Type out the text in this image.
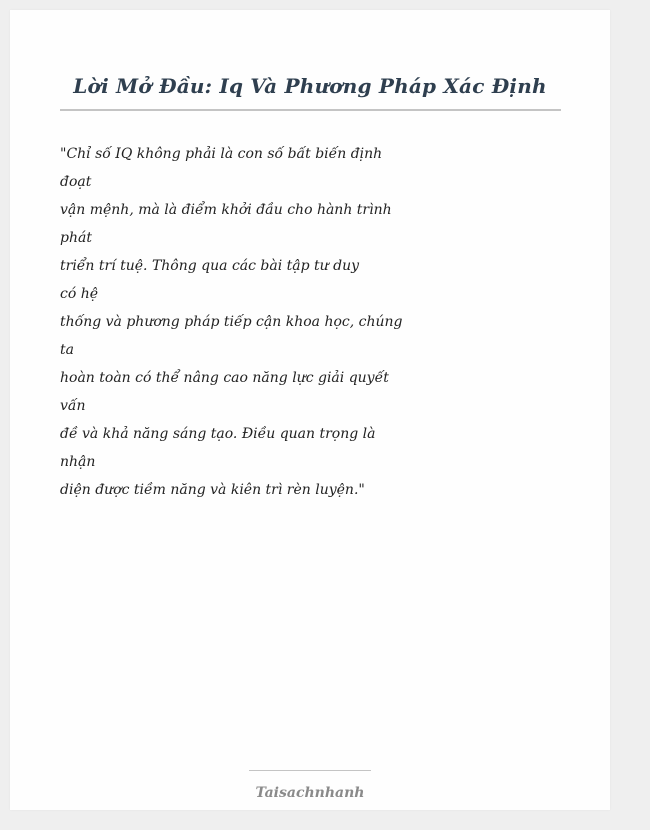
Lời Mở Đầu: Iq Và Phương Pháp Xác Định
"Chỉ số IQ không phải là con số bất biến định
đoạt
vận mệnh, mà là điểm khởi đầu cho hành trình
phát
triển trí tuệ. Thông qua các bài tập tư duy
có hệ
thống và phương pháp tiếp cận khoa học, chúng
ta
hoàn toàn có thể nâng cao năng lực giải quyết
vấn
đề và khả năng sáng tạo. Điều quan trọng là
nhận
diện được tiềm năng và kiên trì rèn luyện."
Taisachnhanh
